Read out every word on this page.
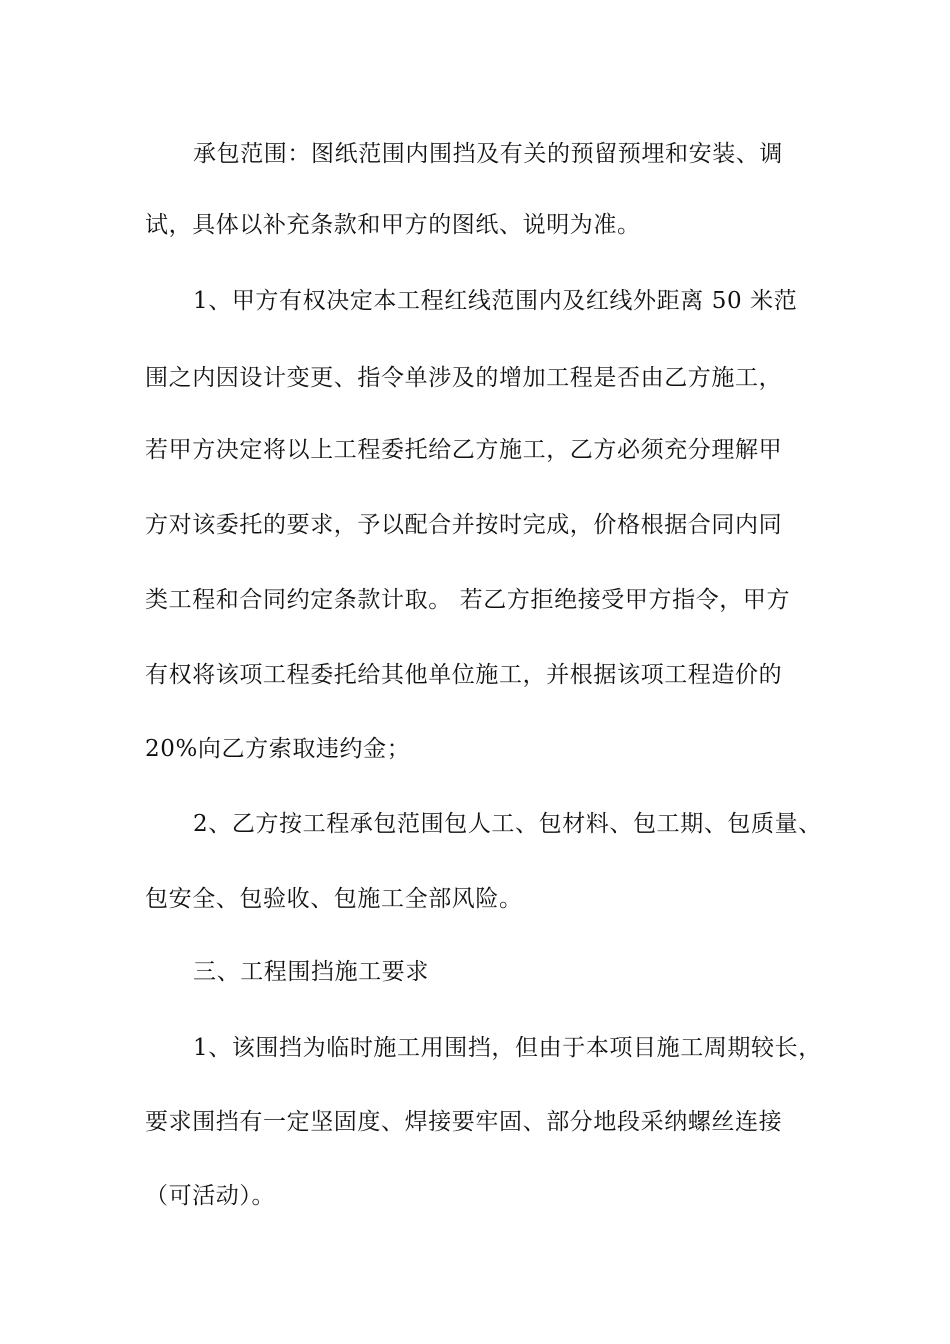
承包范围：图纸范围内围挡及有关的预留预埋和安装、调
试，具体以补充条款和甲方的图纸、说明为准。
1、甲方有权决定本工程红线范围内及红线外距离 50 米范
围之内因设计变更、指令单涉及的增加工程是否由乙方施工，
若甲方决定将以上工程委托给乙方施工，乙方必须充分理解甲
方对该委托的要求，予以配合并按时完成，价格根据合同内同
类工程和合同约定条款计取。 若乙方拒绝接受甲方指令，甲方
有权将该项工程委托给其他单位施工，并根据该项工程造价的
20%向乙方索取违约金；
2、乙方按工程承包范围包人工、包材料、包工期、包质量、
包安全、包验收、包施工全部风险。
三、工程围挡施工要求
1、该围挡为临时施工用围挡，但由于本项目施工周期较长，
要求围挡有一定坚固度、焊接要牢固、部分地段采纳螺丝连接
（可活动）。
